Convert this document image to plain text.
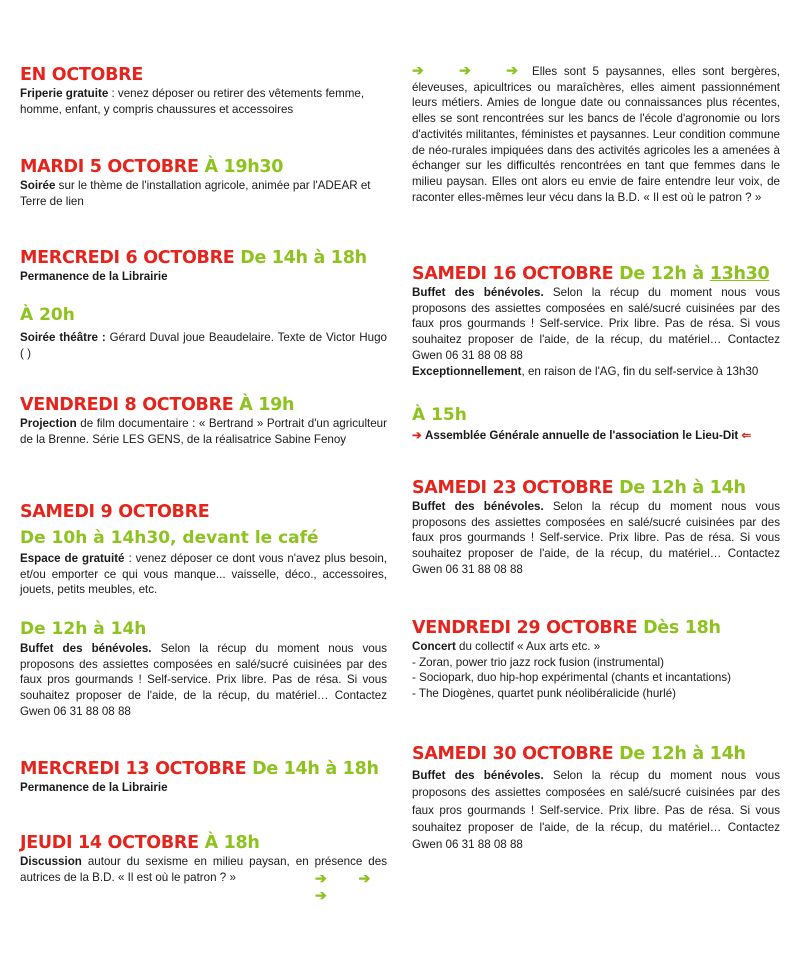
EN OCTOBRE

Friperie gratuite : venez déposer ou retirer des vêtements femme, homme, enfant, y compris chaussures et accessoires

MARDI 5 OCTOBRE À 19h30

Soirée sur le thème de l'installation agricole, animée par l'ADEAR et Terre de lien

MERCREDI 6 OCTOBRE De 14h à 18h

Permanence de la Librairie

À 20h

Soirée théâtre : Gérard Duval joue Beaudelaire. Texte de Victor Hugo ( )

VENDREDI 8 OCTOBRE À 19h

Projection de film documentaire : « Bertrand » Portrait d'un agriculteur de la Brenne. Série LES GENS, de la réalisatrice Sabine Fenoy

SAMEDI 9 OCTOBRE
De 10h à 14h30, devant le café

Espace de gratuité : venez déposer ce dont vous n'avez plus besoin, et/ou emporter ce qui vous manque... vaisselle, déco., accessoires, jouets, petits meubles, etc.

De 12h à 14h

Buffet des bénévoles. Selon la récup du moment nous vous proposons des assiettes composées en salé/sucré cuisinées par des faux pros gourmands ! Self-service. Prix libre. Pas de résa. Si vous souhaitez proposer de l'aide, de la récup, du matériel… Contactez Gwen 06 31 88 08 88

MERCREDI 13 OCTOBRE De 14h à 18h

Permanence de la Librairie

JEUDI 14 OCTOBRE À 18h

Discussion autour du sexisme en milieu paysan, en présence des autrices de la B.D. « Il est où le patron ? »	➔ ➔ ➔

➔ ➔ ➔Elles sont 5 paysannes, elles sont bergères, éleveuses, apicultrices ou maraîchères, elles aiment passionnément leurs métiers. Amies de longue date ou connaissances plus récentes, elles se sont rencontrées sur les bancs de l'école d'agronomie ou lors d'activités militantes, féministes et paysannes. Leur condition commune de néo-rurales impiquées dans des activités agricoles les a amenées à échanger sur les difficultés rencontrées en tant que femmes dans le milieu paysan. Elles ont alors eu envie de faire entendre leur voix, de raconter elles-mêmes leur vécu dans la B.D. « Il est où le patron ? »

SAMEDI 16 OCTOBRE De 12h à 13h30

Buffet des bénévoles. Selon la récup du moment nous vous proposons des assiettes composées en salé/sucré cuisinées par des faux pros gourmands ! Self-service. Prix libre. Pas de résa. Si vous souhaitez proposer de l'aide, de la récup, du matériel… Contactez Gwen 06 31 88 08 88

Exceptionnellement, en raison de l'AG, fin du self-service à 13h30

À 15h

➔ Assemblée Générale annuelle de l'association le Lieu-Dit ⇐

SAMEDI 23 OCTOBRE De 12h à 14h

Buffet des bénévoles. Selon la récup du moment nous vous proposons des assiettes composées en salé/sucré cuisinées par des faux pros gourmands ! Self-service. Prix libre. Pas de résa. Si vous souhaitez proposer de l'aide, de la récup, du matériel… Contactez Gwen 06 31 88 08 88

VENDREDI 29 OCTOBRE Dès 18h

Concert du collectif « Aux arts etc. »

- Zoran, power trio jazz rock fusion (instrumental)

- Sociopark, duo hip-hop expérimental (chants et incantations)

- The Diogènes, quartet punk néolibéralicide (hurlé)

SAMEDI 30 OCTOBRE De 12h à 14h

Buffet des bénévoles. Selon la récup du moment nous vous proposons des assiettes composées en salé/sucré cuisinées par des faux pros gourmands ! Self-service. Prix libre. Pas de résa. Si vous souhaitez proposer de l'aide, de la récup, du matériel… Contactez Gwen 06 31 88 08 88
